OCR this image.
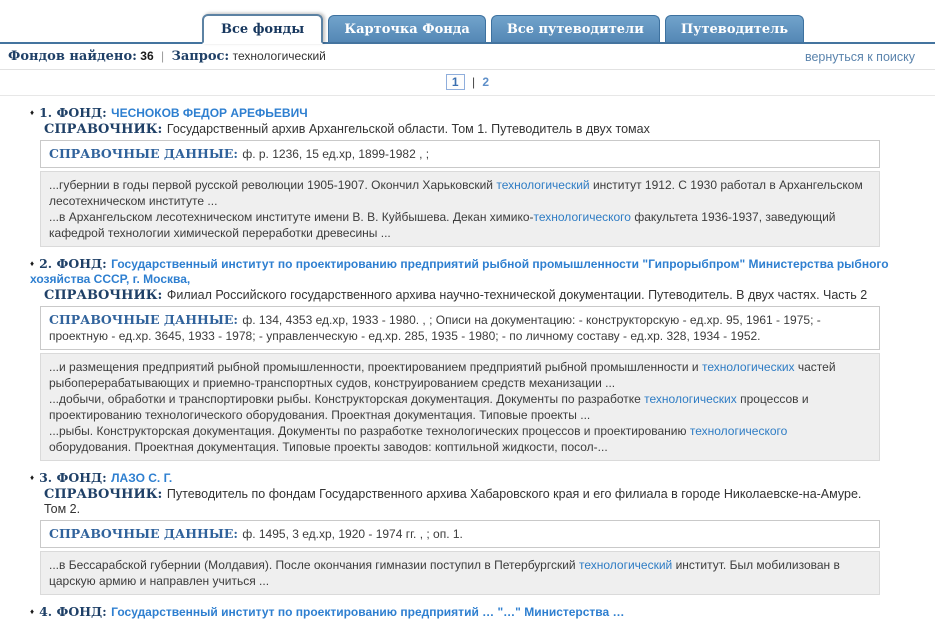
Все фонды	Карточка Фонда	Все путеводители	Путеводитель
Фондов найдено: 36 | Запрос: технологический	вернуться к поиску
1 | 2
♦ 1. ФОНД: ЧЕСНОКОВ ФЕДОР АРЕФЬЕВИЧ
СПРАВОЧНИК: Государственный архив Архангельской области. Том 1. Путеводитель в двух томах
СПРАВОЧНЫЕ ДАННЫЕ: ф. р. 1236, 15 ед.хр, 1899-1982 , ;
...губернии в годы первой русской революции 1905-1907. Окончил Харьковский технологический институт 1912. С 1930 работал в Архангельском лесотехническом институте ...
...в Архангельском лесотехническом институте имени В. В. Куйбышева. Декан химико-технологического факультета 1936-1937, заведующий кафедрой технологии химической переработки древесины ...
♦ 2. ФОНД: Государственный институт по проектированию предприятий рыбной промышленности "Гипрорыбпром" Министерства рыбного хозяйства СССР, г. Москва,
СПРАВОЧНИК: Филиал Российского государственного архива научно-технической документации. Путеводитель. В двух частях. Часть 2
СПРАВОЧНЫЕ ДАННЫЕ: ф. 134, 4353 ед.хр, 1933 - 1980. , ; Описи на документацию: - конструкторскую - ед.хр. 95, 1961 - 1975; - проектную - ед.хр. 3645, 1933 - 1978; - управленческую - ед.хр. 285, 1935 - 1980; - по личному составу - ед.хр. 328, 1934 - 1952.
...и размещения предприятий рыбной промышленности, проектированием предприятий рыбной промышленности и технологических частей рыбоперерабатывающих и приемно-транспортных судов, конструированием средств механизации ...
...добычи, обработки и транспортировки рыбы. Конструкторская документация. Документы по разработке технологических процессов и проектированию технологического оборудования. Проектная документация. Типовые проекты ...
...рыбы. Конструкторская документация. Документы по разработке технологических процессов и проектированию технологического оборудования. Проектная документация. Типовые проекты заводов: коптильной жидкости, посол-...
♦ 3. ФОНД: ЛАЗО С. Г.
СПРАВОЧНИК: Путеводитель по фондам Государственного архива Хабаровского края и его филиала в городе Николаевске-на-Амуре. Том 2.
СПРАВОЧНЫЕ ДАННЫЕ: ф. 1495, 3 ед.хр, 1920 - 1974 гг. , ; оп. 1.
...в Бессарабской губернии (Молдавия). После окончания гимназии поступил в Петербургский технологический институт. Был мобилизован в царскую армию и направлен учиться ...
♦ 4. ФОНД: Государственный институт по проектированию предприятий … "…" Министерства …
